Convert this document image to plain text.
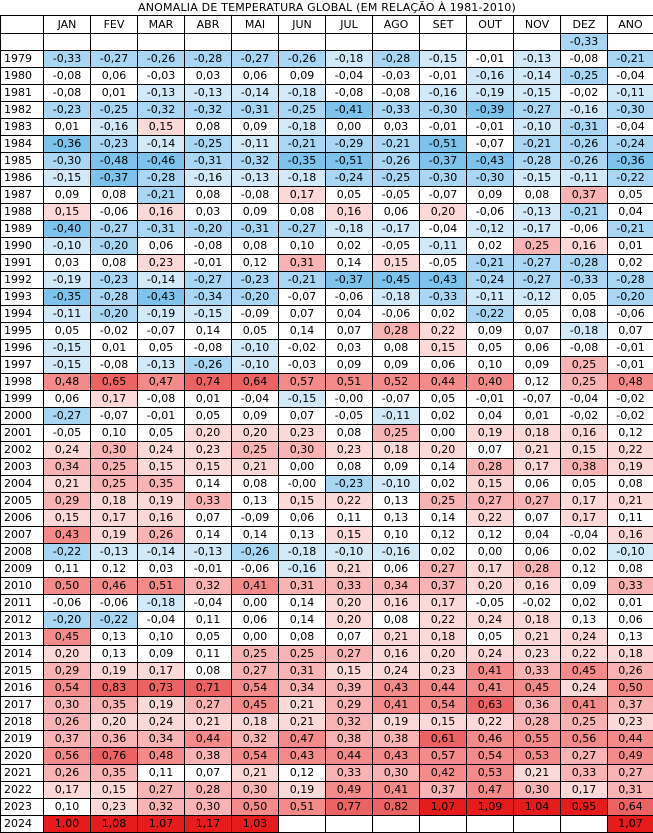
ANOMALIA DE TEMPERATURA GLOBAL (EM RELAÇÃO À 1981-2010)													
	JAN	FEV	MAR	ABR	MAI	JUN	JUL	AGO	SET	OUT	NOV	DEZ	ANO
												-0,33	
1979	-0,33	-0,27	-0,26	-0,28	-0,27	-0,26	-0,18	-0,28	-0,15	-0,01	-0,13	-0,08	-0,21
1980	-0,08	0,06	-0,03	0,03	0,06	0,09	-0,04	-0,03	-0,01	-0,16	-0,14	-0,25	-0,04
1981	-0,08	0,01	-0,13	-0,13	-0,14	-0,18	-0,08	-0,08	-0,16	-0,19	-0,15	-0,02	-0,11
1982	-0,23	-0,25	-0,32	-0,32	-0,31	-0,25	-0,41	-0,33	-0,30	-0,39	-0,27	-0,16	-0,30
1983	0,01	-0,16	0,15	0,08	0,09	-0,18	0,00	0,03	-0,01	-0,01	-0,10	-0,31	-0,04
1984	-0,36	-0,23	-0,14	-0,25	-0,11	-0,21	-0,29	-0,21	-0,51	-0,07	-0,21	-0,26	-0,24
1985	-0,30	-0,48	-0,46	-0,31	-0,32	-0,35	-0,51	-0,26	-0,37	-0,43	-0,28	-0,26	-0,36
1986	-0,15	-0,37	-0,28	-0,16	-0,13	-0,18	-0,24	-0,25	-0,30	-0,30	-0,15	-0,11	-0,22
1987	0,09	0,08	-0,21	0,08	-0,08	0,17	0,05	-0,05	-0,07	0,09	0,08	0,37	0,05
1988	0,15	-0,06	0,16	0,03	0,09	0,08	0,16	0,06	0,20	-0,06	-0,13	-0,21	0,04
1989	-0,40	-0,27	-0,31	-0,20	-0,31	-0,27	-0,18	-0,17	-0,04	-0,12	-0,17	-0,06	-0,21
1990	-0,10	-0,20	0,06	-0,08	0,08	0,10	0,02	-0,05	-0,11	0,02	0,25	0,16	0,01
1991	0,03	0,08	0,23	-0,01	0,12	0,31	0,14	0,15	-0,05	-0,21	-0,27	-0,28	0,02
1992	-0,19	-0,23	-0,14	-0,27	-0,23	-0,21	-0,37	-0,45	-0,43	-0,24	-0,27	-0,33	-0,28
1993	-0,35	-0,28	-0,43	-0,34	-0,20	-0,07	-0,06	-0,18	-0,33	-0,11	-0,12	0,05	-0,20
1994	-0,11	-0,20	-0,19	-0,15	-0,09	0,07	0,04	-0,06	0,02	-0,22	0,05	0,08	-0,06
1995	0,05	-0,02	-0,07	0,14	0,05	0,14	0,07	0,28	0,22	0,09	0,07	-0,18	0,07
1996	-0,15	0,01	0,05	-0,08	-0,10	-0,02	0,03	0,08	0,15	0,05	0,06	-0,08	-0,01
1997	-0,15	-0,08	-0,13	-0,26	-0,10	-0,03	0,09	0,09	0,06	0,10	0,09	0,25	-0,01
1998	0,48	0,65	0,47	0,74	0,64	0,57	0,51	0,52	0,44	0,40	0,12	0,25	0,48
1999	0,06	0,17	-0,08	0,01	-0,04	-0,15	-0,00	-0,07	0,05	-0,01	-0,07	-0,04	-0,02
2000	-0,27	-0,07	-0,01	0,05	0,09	0,07	-0,05	-0,11	0,02	0,04	0,01	-0,02	-0,02
2001	-0,05	0,10	0,05	0,20	0,20	0,23	0,08	0,25	0,00	0,19	0,18	0,16	0,12
2002	0,24	0,30	0,24	0,23	0,25	0,30	0,23	0,18	0,20	0,07	0,21	0,15	0,22
2003	0,34	0,25	0,15	0,15	0,21	0,00	0,08	0,09	0,14	0,28	0,17	0,38	0,19
2004	0,21	0,25	0,35	0,14	0,08	-0,00	-0,23	-0,10	0,02	0,15	0,06	0,05	0,08
2005	0,29	0,18	0,19	0,33	0,13	0,15	0,22	0,13	0,25	0,27	0,27	0,17	0,21
2006	0,15	0,17	0,16	0,07	-0,09	0,06	0,11	0,13	0,14	0,22	0,07	0,17	0,11
2007	0,43	0,19	0,26	0,14	0,14	0,13	0,15	0,10	0,12	0,12	0,04	-0,04	0,16
2008	-0,22	-0,13	-0,14	-0,13	-0,26	-0,18	-0,10	-0,16	0,02	0,00	0,06	0,02	-0,10
2009	0,11	0,12	0,03	-0,01	-0,06	-0,16	0,21	0,06	0,27	0,17	0,28	0,12	0,08
2010	0,50	0,46	0,51	0,32	0,41	0,31	0,33	0,34	0,37	0,20	0,16	0,09	0,33
2011	-0,06	-0,06	-0,18	-0,04	0,00	0,14	0,20	0,16	0,17	-0,05	-0,02	0,02	0,01
2012	-0,20	-0,22	-0,04	0,11	0,06	0,14	0,20	0,08	0,22	0,24	0,18	0,13	0,06
2013	0,45	0,13	0,10	0,05	0,00	0,08	0,07	0,21	0,18	0,05	0,21	0,24	0,13
2014	0,20	0,13	0,09	0,11	0,25	0,25	0,27	0,16	0,20	0,24	0,23	0,22	0,18
2015	0,29	0,19	0,17	0,08	0,27	0,31	0,15	0,24	0,23	0,41	0,33	0,45	0,26
2016	0,54	0,83	0,73	0,71	0,54	0,34	0,39	0,43	0,44	0,41	0,45	0,24	0,50
2017	0,30	0,35	0,19	0,27	0,45	0,21	0,29	0,41	0,54	0,63	0,36	0,41	0,37
2018	0,26	0,20	0,24	0,21	0,18	0,21	0,32	0,19	0,15	0,22	0,28	0,25	0,23
2019	0,37	0,36	0,34	0,44	0,32	0,47	0,38	0,38	0,61	0,46	0,55	0,56	0,44
2020	0,56	0,76	0,48	0,38	0,54	0,43	0,44	0,43	0,57	0,54	0,53	0,27	0,49
2021	0,26	0,35	0,11	0,07	0,21	0,12	0,33	0,30	0,42	0,53	0,21	0,33	0,27
2022	0,17	0,15	0,27	0,28	0,30	0,19	0,49	0,41	0,37	0,47	0,30	0,17	0,31
2023	0,10	0,23	0,32	0,30	0,50	0,51	0,77	0,82	1,07	1,09	1,04	0,95	0,64
2024	1,00	1,08	1,07	1,17	1,03								1,07
